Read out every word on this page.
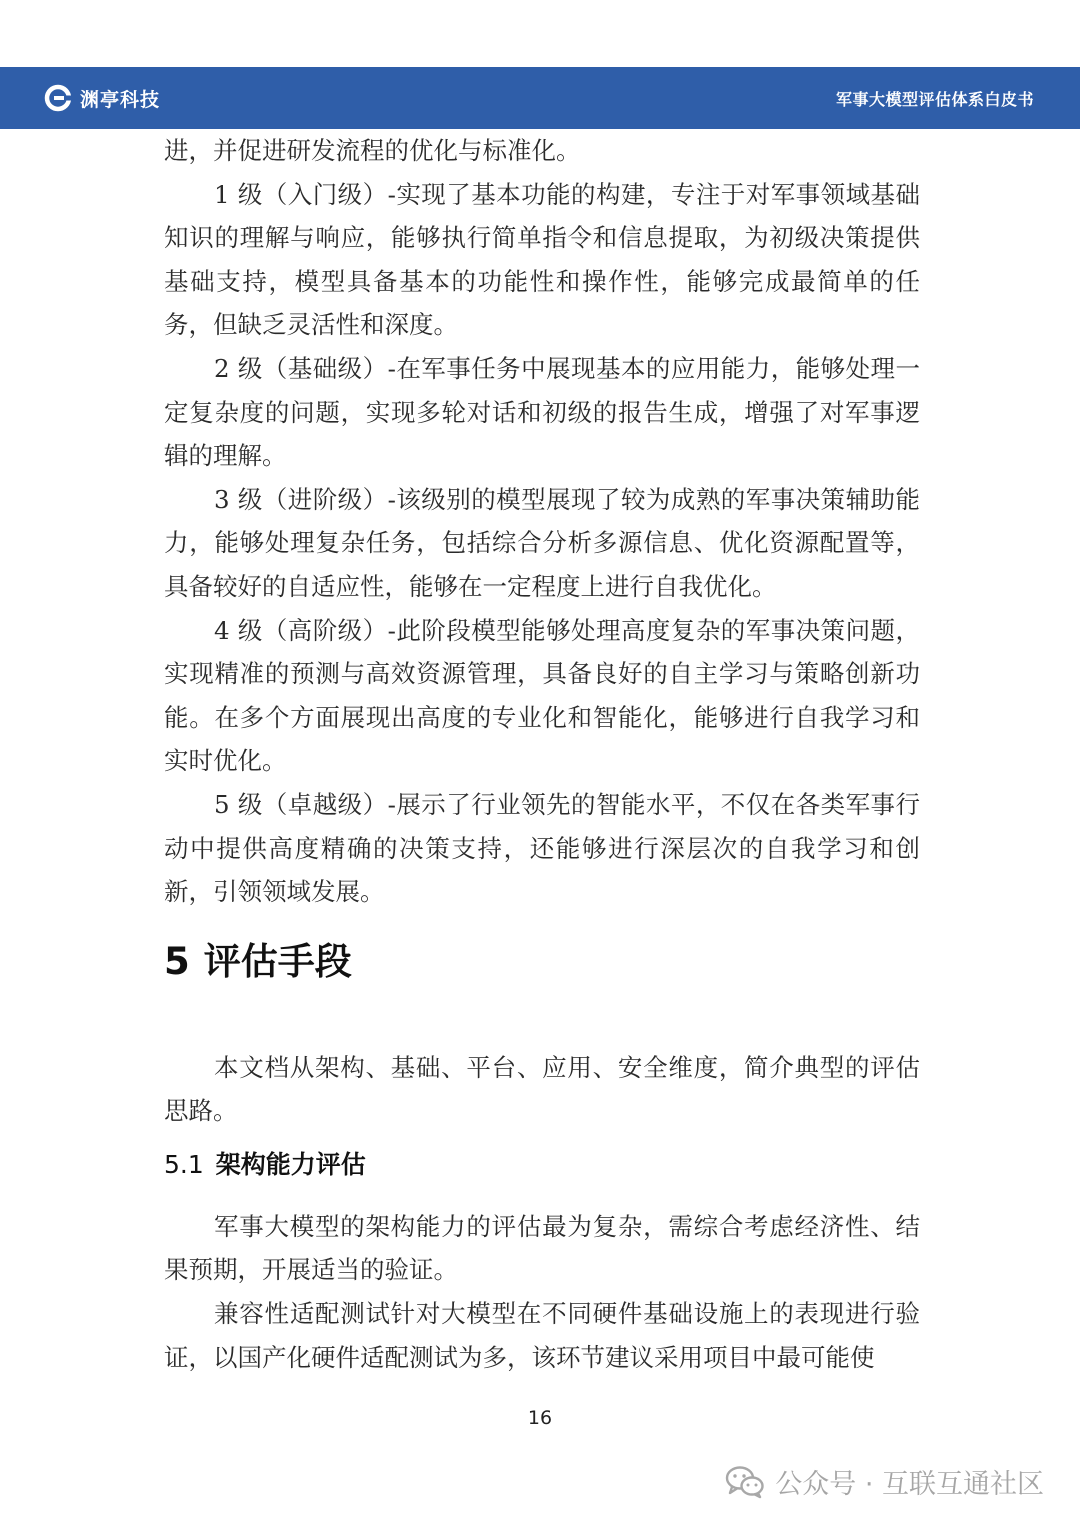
渊亭科技	军事大模型评估体系白皮书

进，并促进研发流程的优化与标准化。

1 级（入门级）-实现了基本功能的构建，专注于对军事领域基础知识的理解与响应，能够执行简单指令和信息提取，为初级决策提供基础支持，模型具备基本的功能性和操作性，能够完成最简单的任务，但缺乏灵活性和深度。

2 级（基础级）-在军事任务中展现基本的应用能力，能够处理一定复杂度的问题，实现多轮对话和初级的报告生成，增强了对军事逻辑的理解。

3 级（进阶级）-该级别的模型展现了较为成熟的军事决策辅助能力，能够处理复杂任务，包括综合分析多源信息、优化资源配置等，具备较好的自适应性，能够在一定程度上进行自我优化。

4 级（高阶级）-此阶段模型能够处理高度复杂的军事决策问题，实现精准的预测与高效资源管理，具备良好的自主学习与策略创新功能。在多个方面展现出高度的专业化和智能化，能够进行自我学习和实时优化。

5 级（卓越级）-展示了行业领先的智能水平，不仅在各类军事行动中提供高度精确的决策支持，还能够进行深层次的自我学习和创新，引领领域发展。

5 评估手段

本文档从架构、基础、平台、应用、安全维度，简介典型的评估思路。

5.1 架构能力评估

军事大模型的架构能力的评估最为复杂，需综合考虑经济性、结果预期，开展适当的验证。

兼容性适配测试针对大模型在不同硬件基础设施上的表现进行验证，以国产化硬件适配测试为多，该环节建议采用项目中最可能使

16
公众号 · 互联互通社区
